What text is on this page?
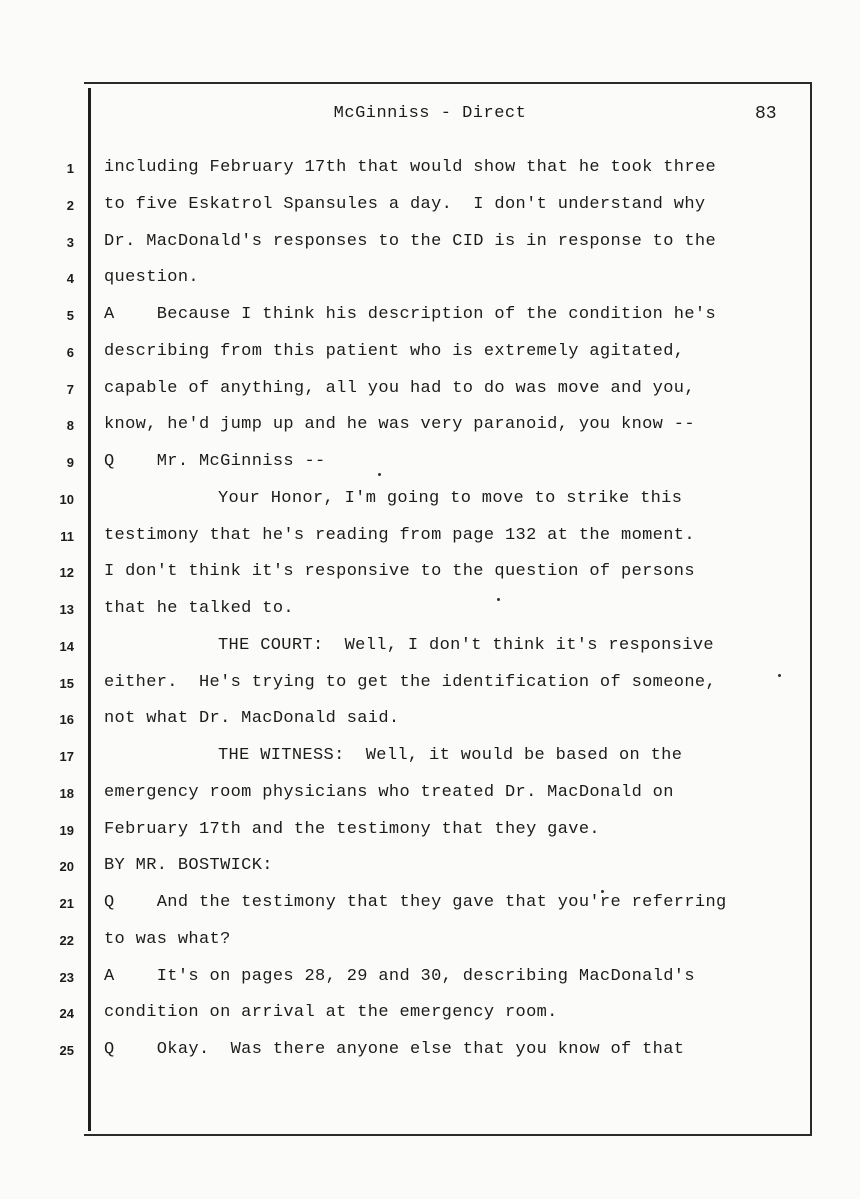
McGinniss - Direct	83
1 including February 17th that would show that he took three
2 to five Eskatrol Spansules a day.  I don't understand why
3 Dr. MacDonald's responses to the CID is in response to the
4 question.
5 A    Because I think his description of the condition he's
6 describing from this patient who is extremely agitated,
7 capable of anything, all you had to do was move and you,
8 know, he'd jump up and he was very paranoid, you know --
9 Q    Mr. McGinniss --
10	Your Honor, I'm going to move to strike this
11 testimony that he's reading from page 132 at the moment.
12 I don't think it's responsive to the question of persons
13 that he talked to.
14	THE COURT:  Well, I don't think it's responsive
15 either.  He's trying to get the identification of someone,
16 not what Dr. MacDonald said.
17	THE WITNESS:  Well, it would be based on the
18 emergency room physicians who treated Dr. MacDonald on
19 February 17th and the testimony that they gave.
20 BY MR. BOSTWICK:
21 Q    And the testimony that they gave that you're referring
22 to was what?
23 A    It's on pages 28, 29 and 30, describing MacDonald's
24 condition on arrival at the emergency room.
25 Q    Okay.  Was there anyone else that you know of that
